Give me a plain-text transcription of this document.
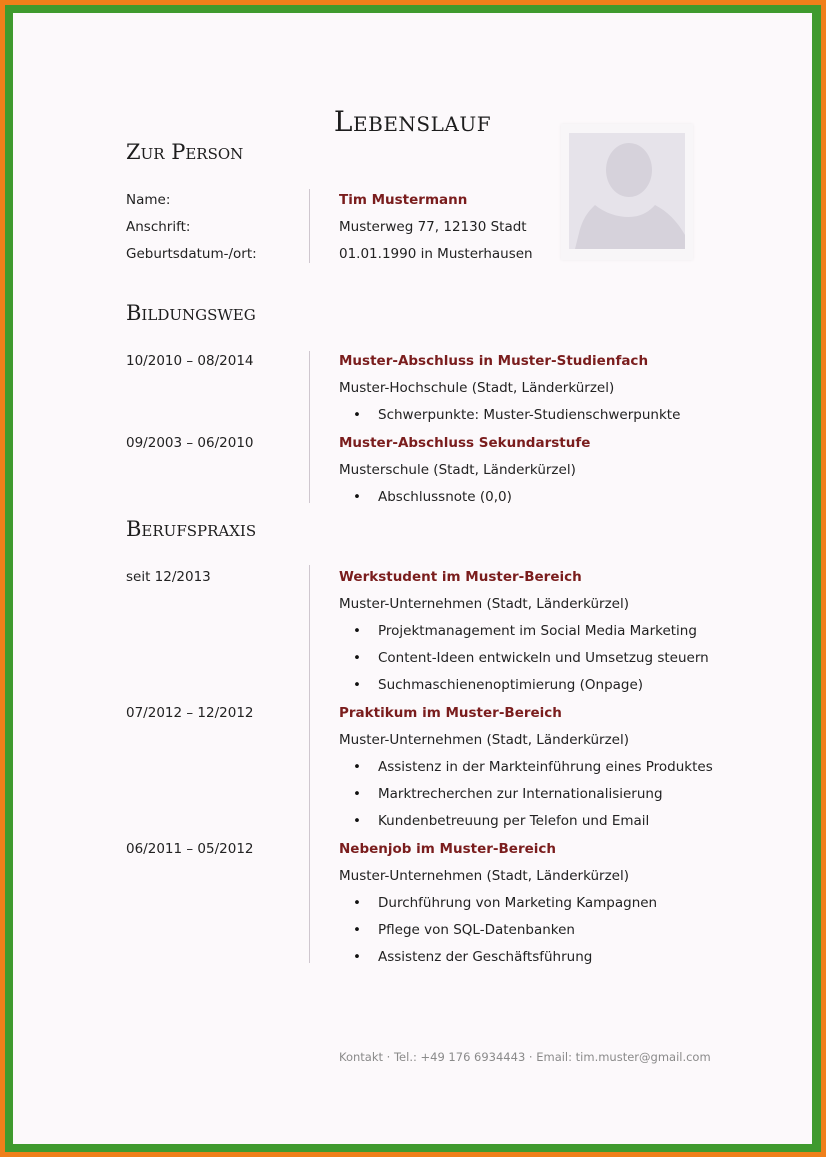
Lebenslauf
Zur Person
Name:	Tim Mustermann
Anschrift:	Musterweg 77, 12130 Stadt
Geburtsdatum-/ort:	01.01.1990 in Musterhausen
Bildungsweg
10/2010 – 08/2014	Muster-Abschluss in Muster-Studienfach
Muster-Hochschule (Stadt, Länderkürzel)
• Schwerpunkte: Muster-Studienschwerpunkte
09/2003 – 06/2010	Muster-Abschluss Sekundarstufe
Musterschule (Stadt, Länderkürzel)
• Abschlussnote (0,0)
Berufspraxis
seit 12/2013	Werkstudent im Muster-Bereich
Muster-Unternehmen (Stadt, Länderkürzel)
• Projektmanagement im Social Media Marketing
• Content-Ideen entwickeln und Umsetzug steuern
• Suchmaschienenoptimierung (Onpage)
07/2012 – 12/2012	Praktikum im Muster-Bereich
Muster-Unternehmen (Stadt, Länderkürzel)
• Assistenz in der Markteinführung eines Produktes
• Marktrecherchen zur Internationalisierung
• Kundenbetreuung per Telefon und Email
06/2011 – 05/2012	Nebenjob im Muster-Bereich
Muster-Unternehmen (Stadt, Länderkürzel)
• Durchführung von Marketing Kampagnen
• Pflege von SQL-Datenbanken
• Assistenz der Geschäftsführung
Kontakt · Tel.: +49 176 6934443 · Email: tim.muster@gmail.com
